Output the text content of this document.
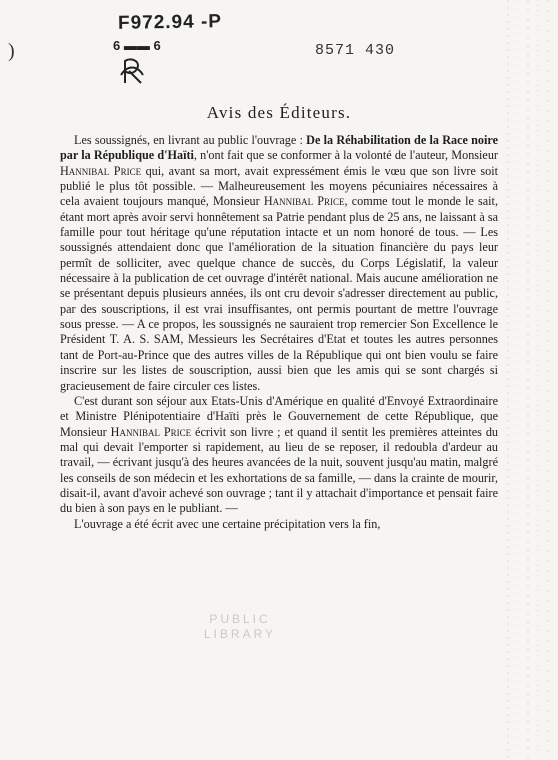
)
F972.94 -P
6 ▬▬ 6	8571 430
Avis des Éditeurs.

Les soussignés, en livrant au public l'ouvrage : De la Réhabilitation de la Race noire par la République d'Haïti, n'ont fait que se conformer à la volonté de l'auteur, Monsieur Hannibal Price qui, avant sa mort, avait expressément émis le vœu que son livre soit publié le plus tôt possible. — Malheureusement les moyens pécuniaires nécessaires à cela avaient toujours manqué, Monsieur Hannibal Price, comme tout le monde le sait, étant mort après avoir servi honnêtement sa Patrie pendant plus de 25 ans, ne laissant à sa famille pour tout héritage qu'une réputation intacte et un nom honoré de tous. — Les soussignés attendaient donc que l'amélioration de la situation financière du pays leur permît de solliciter, avec quelque chance de succès, du Corps Législatif, la valeur nécessaire à la publication de cet ouvrage d'intérêt national. Mais aucune amélioration ne se présentant depuis plusieurs années, ils ont cru devoir s'adresser directement au public, par des souscriptions, il est vrai insuffisantes, ont permis pourtant de mettre l'ouvrage sous presse. — A ce propos, les soussignés ne sauraient trop remercier Son Excellence le Président T. A. S. SAM, Messieurs les Secrétaires d'Etat et toutes les autres personnes tant de Port-au-Prince que des autres villes de la République qui ont bien voulu se faire inscrire sur les listes de souscription, aussi bien que les amis qui se sont chargés si gracieusement de faire circuler ces listes.

C'est durant son séjour aux Etats-Unis d'Amérique en qualité d'Envoyé Extraordinaire et Ministre Plénipotentiaire d'Haïti près le Gouvernement de cette République, que Monsieur Hannibal Price écrivit son livre ; et quand il sentit les premières atteintes du mal qui devait l'emporter si rapidement, au lieu de se reposer, il redoubla d'ardeur au travail, — écrivant jusqu'à des heures avancées de la nuit, souvent jusqu'au matin, malgré les conseils de son médecin et les exhortations de sa famille, — dans la crainte de mourir, disait-il, avant d'avoir achevé son ouvrage ; tant il y attachait d'importance et pensait faire du bien à son pays en le publiant. —

L'ouvrage a été écrit avec une certaine précipitation vers la fin,

PUBLIC
LIBRARY
